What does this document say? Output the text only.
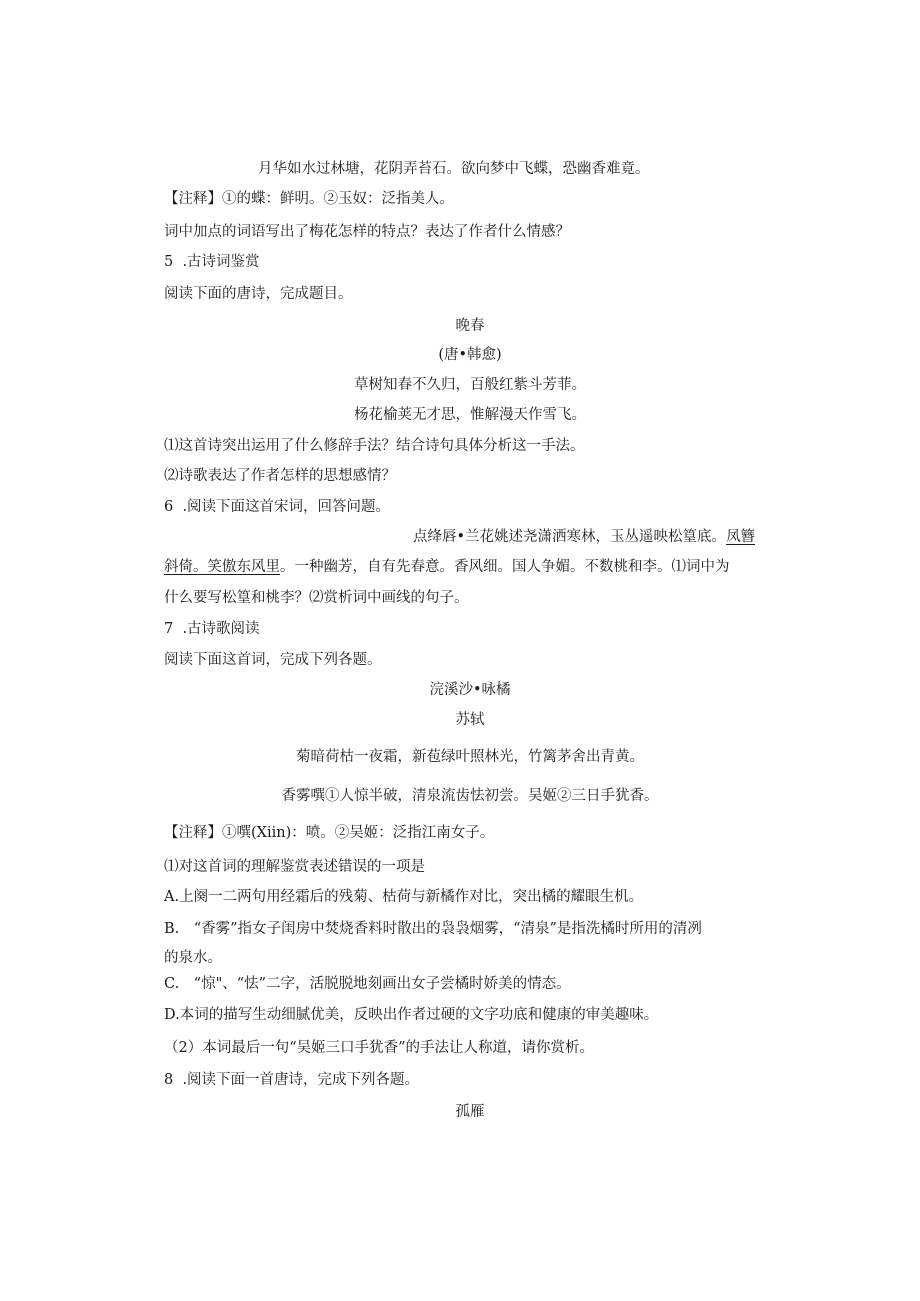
月华如水过林塘，花阴弄苔石。欲向梦中飞蝶，恐幽香难竟。

【注释】①的蝶：鲜明。②玉奴：泛指美人。

词中加点的词语写出了梅花怎样的特点？表达了作者什么情感？

5 .古诗词鉴赏

阅读下面的唐诗，完成题目。

晚春

(唐•韩愈)

草树知春不久归，百般红紫斗芳菲。

杨花榆荚无才思，惟解漫天作雪飞。

⑴这首诗突出运用了什么修辞手法？结合诗句具体分析这一手法。

⑵诗歌表达了作者怎样的思想感情？

6 .阅读下面这首宋词，回答问题。

点绛唇•兰花姚述尧潇洒寒林，玉丛遥映松篁底。凤簪

斜倚。笑傲东风里。一种幽芳，自有先春意。香风细。国人争媚。不数桃和李。⑴词中为

什么要写松篁和桃李？⑵赏析词中画线的句子。

7 .古诗歌阅读

阅读下面这首词，完成下列各题。

浣溪沙•咏橘

苏轼

菊暗荷枯一夜霜，新苞绿叶照林光，竹篱茅舍出青黄。

香雾噀①人惊半破，清泉流齿怯初尝。吴姬②三日手犹香。

【注释】①噀(Xiin)：喷。②吴姬：泛指江南女子。

⑴对这首词的理解鉴赏表述错误的一项是

A.上阕一二两句用经霜后的残菊、枯荷与新橘作对比，突出橘的耀眼生机。

B.　“香雾”指女子闺房中焚烧香料时散出的袅袅烟雾，“清泉”是指洗橘时所用的清冽

的泉水。

C.　“惊"、“怯”二字，活脱脱地刻画出女子尝橘时娇美的情态。

D.本词的描写生动细腻优美，反映出作者过硬的文字功底和健康的审美趣味。

（2）本词最后一句“吴姬三口手犹香”的手法让人称道，请你赏析。

8 .阅读下面一首唐诗，完成下列各题。

孤雁
